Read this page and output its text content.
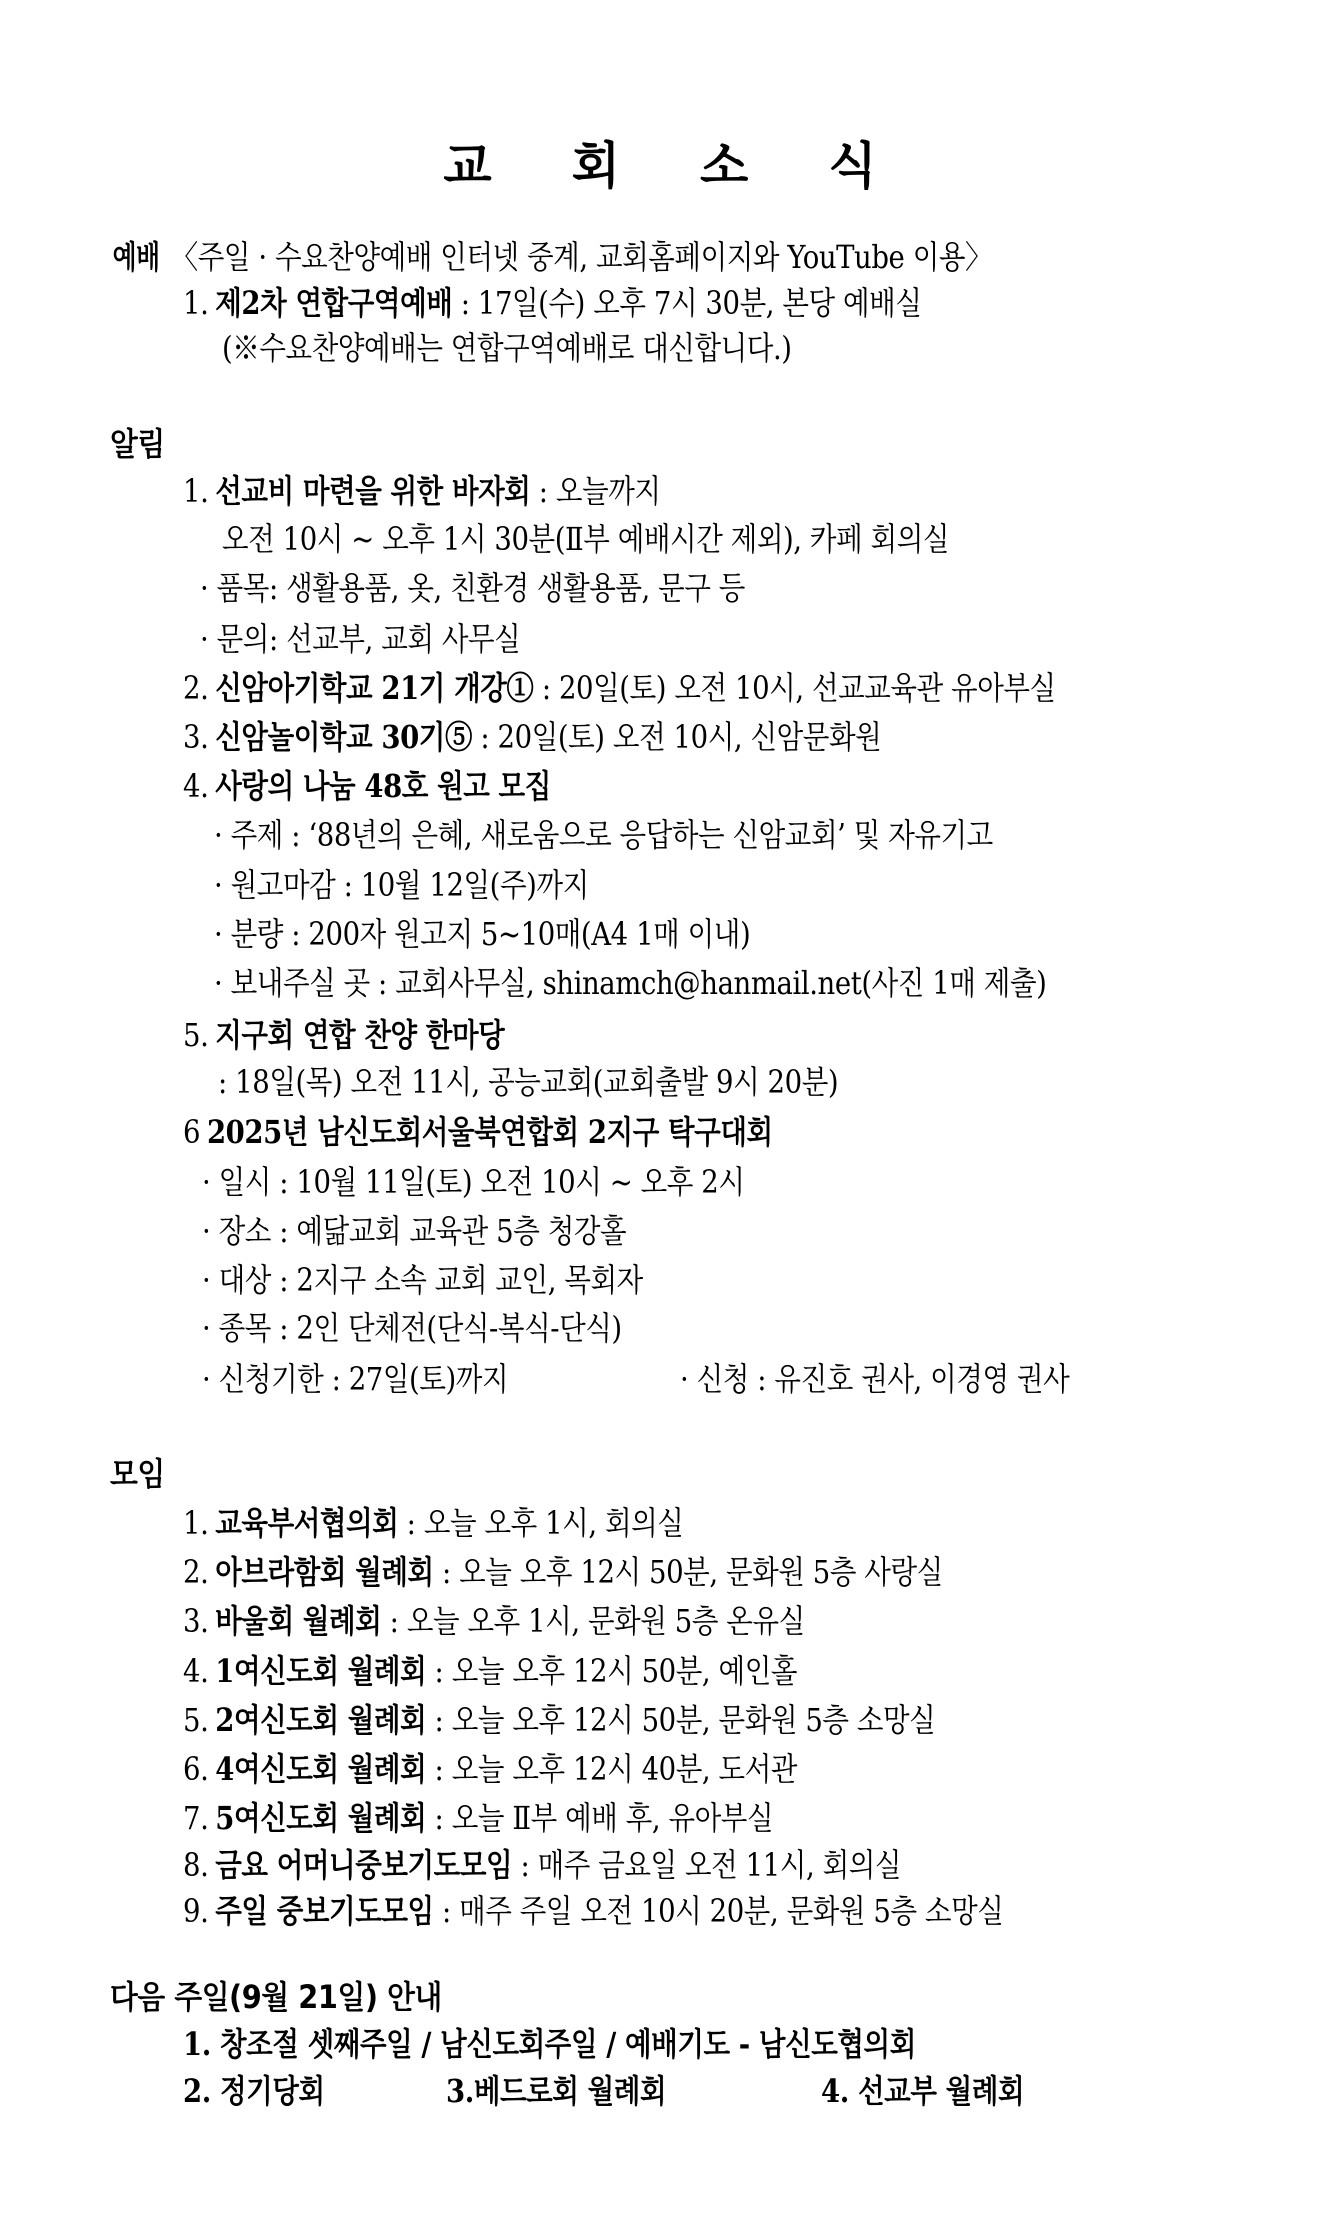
교 회 소 식
예배 〈주일 · 수요찬양예배 인터넷 중계, 교회홈페이지와 YouTube 이용〉
1. 제2차 연합구역예배 : 17일(수) 오후 7시 30분, 본당 예배실
(※수요찬양예배는 연합구역예배로 대신합니다.)
알림
1. 선교비 마련을 위한 바자회 : 오늘까지
오전 10시 ~ 오후 1시 30분(Ⅱ부 예배시간 제외), 카페 회의실
· 품목: 생활용품, 옷, 친환경 생활용품, 문구 등
· 문의: 선교부, 교회 사무실
2. 신암아기학교 21기 개강① : 20일(토) 오전 10시, 선교교육관 유아부실
3. 신암놀이학교 30기⑤ : 20일(토) 오전 10시, 신암문화원
4. 사랑의 나눔 48호 원고 모집
· 주제 : ‘88년의 은혜, 새로움으로 응답하는 신암교회’ 및 자유기고
· 원고마감 : 10월 12일(주)까지
· 분량 : 200자 원고지 5~10매(A4 1매 이내)
· 보내주실 곳 : 교회사무실, shinamch@hanmail.net(사진 1매 제출)
5. 지구회 연합 찬양 한마당
: 18일(목) 오전 11시, 공능교회(교회출발 9시 20분)
6 2025년 남신도회서울북연합회 2지구 탁구대회
· 일시 : 10월 11일(토) 오전 10시 ~ 오후 2시
· 장소 : 예닮교회 교육관 5층 청강홀
· 대상 : 2지구 소속 교회 교인, 목회자
· 종목 : 2인 단체전(단식-복식-단식)
· 신청기한 : 27일(토)까지	· 신청 : 유진호 권사, 이경영 권사
모임
1. 교육부서협의회 : 오늘 오후 1시, 회의실
2. 아브라함회 월례회 : 오늘 오후 12시 50분, 문화원 5층 사랑실
3. 바울회 월례회 : 오늘 오후 1시, 문화원 5층 온유실
4. 1여신도회 월례회 : 오늘 오후 12시 50분, 예인홀
5. 2여신도회 월례회 : 오늘 오후 12시 50분, 문화원 5층 소망실
6. 4여신도회 월례회 : 오늘 오후 12시 40분, 도서관
7. 5여신도회 월례회 : 오늘 Ⅱ부 예배 후, 유아부실
8. 금요 어머니중보기도모임 : 매주 금요일 오전 11시, 회의실
9. 주일 중보기도모임 : 매주 주일 오전 10시 20분, 문화원 5층 소망실
다음 주일(9월 21일) 안내
1. 창조절 셋째주일 / 남신도회주일 / 예배기도 - 남신도협의회
2. 정기당회	3.베드로회 월례회	4. 선교부 월례회
